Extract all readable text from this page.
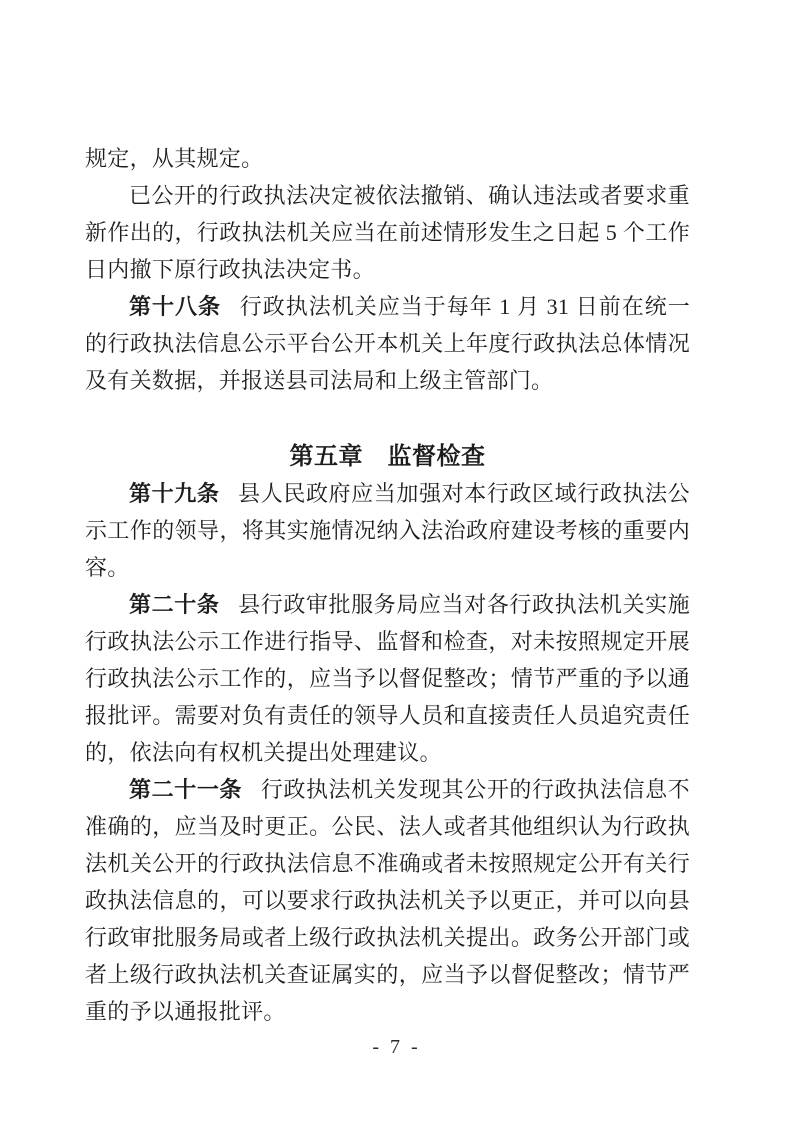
规定，从其规定。

已公开的行政执法决定被依法撤销、确认违法或者要求重新作出的，行政执法机关应当在前述情形发生之日起 5 个工作日内撤下原行政执法决定书。

第十八条 行政执法机关应当于每年 1 月 31 日前在统一的行政执法信息公示平台公开本机关上年度行政执法总体情况及有关数据，并报送县司法局和上级主管部门。

第五章　监督检查

第十九条 县人民政府应当加强对本行政区域行政执法公示工作的领导，将其实施情况纳入法治政府建设考核的重要内容。

第二十条 县行政审批服务局应当对各行政执法机关实施行政执法公示工作进行指导、监督和检查，对未按照规定开展行政执法公示工作的，应当予以督促整改；情节严重的予以通报批评。需要对负有责任的领导人员和直接责任人员追究责任的，依法向有权机关提出处理建议。

第二十一条 行政执法机关发现其公开的行政执法信息不准确的，应当及时更正。公民、法人或者其他组织认为行政执法机关公开的行政执法信息不准确或者未按照规定公开有关行政执法信息的，可以要求行政执法机关予以更正，并可以向县行政审批服务局或者上级行政执法机关提出。政务公开部门或者上级行政执法机关查证属实的，应当予以督促整改；情节严重的予以通报批评。

- 7 -
